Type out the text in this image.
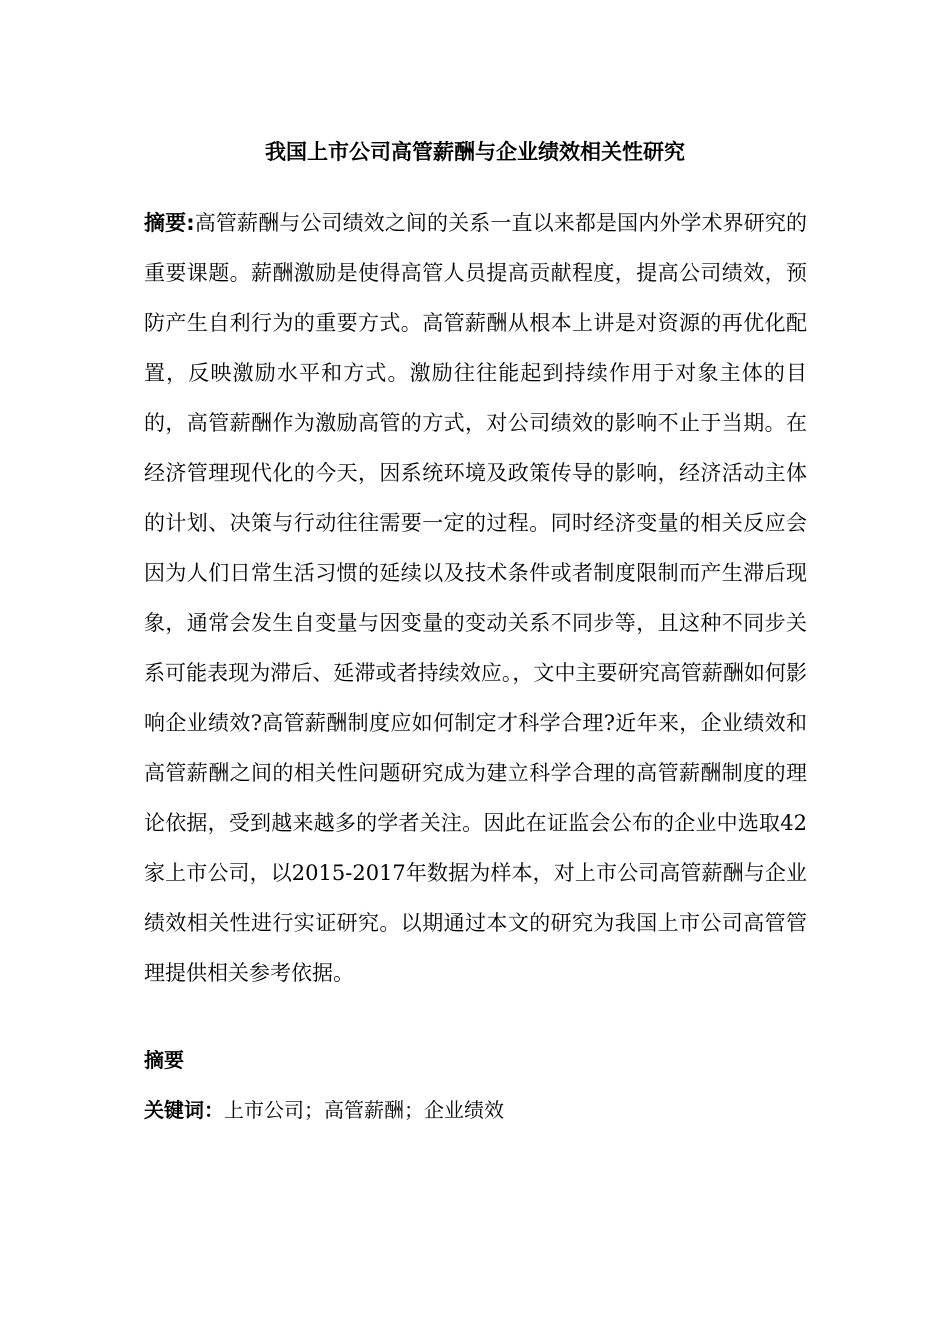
我国上市公司高管薪酬与企业绩效相关性研究

摘要:高管薪酬与公司绩效之间的关系一直以来都是国内外学术界研究的重要课题。薪酬激励是使得高管人员提高贡献程度，提高公司绩效，预防产生自利行为的重要方式。高管薪酬从根本上讲是对资源的再优化配置，反映激励水平和方式。激励往往能起到持续作用于对象主体的目的，高管薪酬作为激励高管的方式，对公司绩效的影响不止于当期。在经济管理现代化的今天，因系统环境及政策传导的影响，经济活动主体的计划、决策与行动往往需要一定的过程。同时经济变量的相关反应会因为人们日常生活习惯的延续以及技术条件或者制度限制而产生滞后现象，通常会发生自变量与因变量的变动关系不同步等，且这种不同步关系可能表现为滞后、延滞或者持续效应。，文中主要研究高管薪酬如何影响企业绩效?高管薪酬制度应如何制定才科学合理?近年来，企业绩效和高管薪酬之间的相关性问题研究成为建立科学合理的高管薪酬制度的理论依据，受到越来越多的学者关注。因此在证监会公布的企业中选取42家上市公司，以2015-2017年数据为样本，对上市公司高管薪酬与企业绩效相关性进行实证研究。以期通过本文的研究为我国上市公司高管管理提供相关参考依据。

摘要

关键词：上市公司；高管薪酬；企业绩效
